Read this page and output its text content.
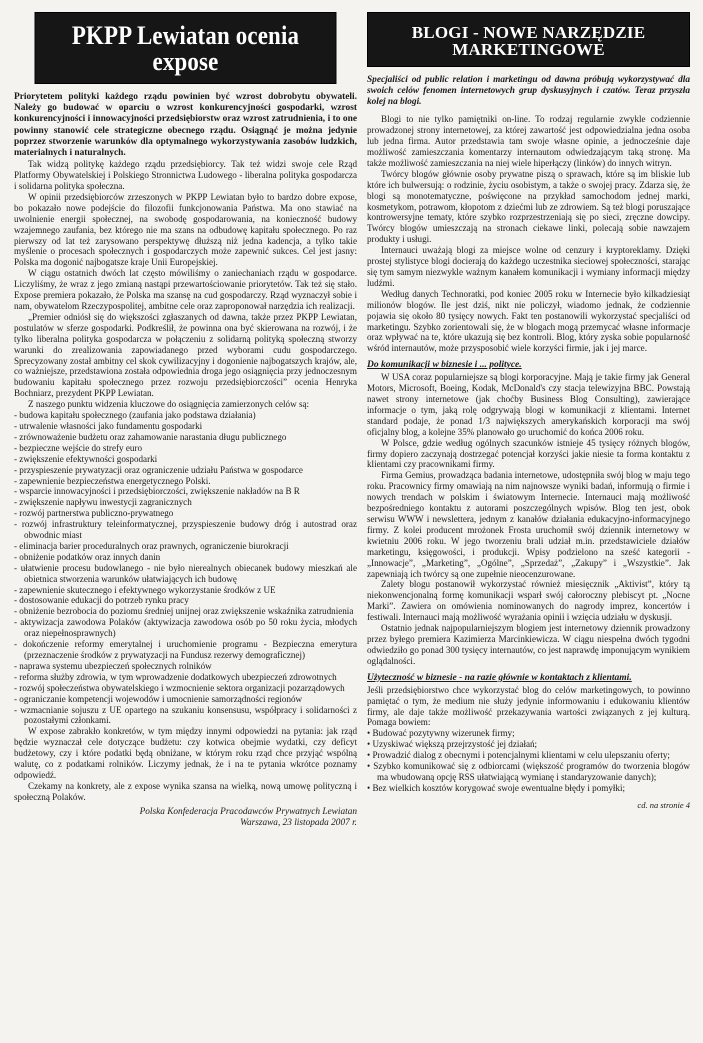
PKPP Lewiatan ocenia expose

Priorytetem polityki każdego rządu powinien być wzrost dobrobytu obywateli. Należy go budować w oparciu o wzrost konkurencyjności gospodarki, wzrost konkurencyjności i innowacyjności przedsiębiorstw oraz wzrost zatrudnienia, i to one powinny stanowić cele strategiczne obecnego rządu. Osiągnąć je można jedynie poprzez stworzenie warunków dla optymalnego wykorzystywania zasobów ludzkich, materialnych i naturalnych.

Tak widzą politykę każdego rządu przedsiębiorcy. Tak też widzi swoje cele Rząd Platformy Obywatelskiej i Polskiego Stronnictwa Ludowego - liberalna polityka gospodarcza i solidarna polityka społeczna.

W opinii przedsiębiorców zrzeszonych w PKPP Lewiatan było to bardzo dobre expose, bo pokazało nowe podejście do filozofii funkcjonowania Państwa. Ma ono stawiać na uwolnienie energii społecznej, na swobodę gospodarowania, na konieczność budowy wzajemnego zaufania, bez którego nie ma szans na odbudowę kapitału społecznego. Po raz pierwszy od lat też zarysowano perspektywę dłuższą niż jedna kadencja, a tylko takie myślenie o procesach społecznych i gospodarczych może zapewnić sukces. Cel jest jasny: Polska ma dogonić najbogatsze kraje Unii Europejskiej.

W ciągu ostatnich dwóch lat często mówiliśmy o zaniechaniach rządu w gospodarce. Liczyliśmy, że wraz z jego zmianą nastąpi przewartościowanie priorytetów. Tak też się stało. Expose premiera pokazało, że Polska ma szansę na cud gospodarczy. Rząd wyznaczył sobie i nam, obywatelom Rzeczypospolitej, ambitne cele oraz zaproponował narzędzia ich realizacji.

„Premier odniósł się do większości zgłaszanych od dawna, także przez PKPP Lewiatan, postulatów w sferze gospodarki. Podkreślił, że powinna ona być skierowana na rozwój, i że tylko liberalna polityka gospodarcza w połączeniu z solidarną polityką społeczną stworzy warunki do zrealizowania zapowiadanego przed wyborami cudu gospodarczego. Sprecyzowany został ambitny cel skok cywilizacyjny i dogonienie najbogatszych krajów, ale, co ważniejsze, przedstawiona została odpowiednia droga jego osiągnięcia przy jednoczesnym budowaniu kapitału społecznego przez rozwoju przedsiębiorczości” ocenia Henryka Bochniarz, prezydent PKPP Lewiatan.

Z naszego punktu widzenia kluczowe do osiągnięcia zamierzonych celów są:

- budowa kapitału społecznego (zaufania jako podstawa działania)
- utrwalenie własności jako fundamentu gospodarki
- zrównoważenie budżetu oraz zahamowanie narastania długu publicznego
- bezpieczne wejście do strefy euro
- zwiększenie efektywności gospodarki
- przyspieszenie prywatyzacji oraz ograniczenie udziału Państwa w gospodarce
- zapewnienie bezpieczeństwa energetycznego Polski.
- wsparcie innowacyjności i przedsiębiorczości, zwiększenie nakładów na B R
- zwiększenie napływu inwestycji zagranicznych
- rozwój partnerstwa publiczno-prywatnego
- rozwój infrastruktury teleinformatycznej, przyspieszenie budowy dróg i autostrad oraz obwodnic miast
- eliminacja barier proceduralnych oraz prawnych, ograniczenie biurokracji
- obniżenie podatków oraz innych danin
- ułatwienie procesu budowlanego - nie było nierealnych obiecanek budowy mieszkań ale obietnica stworzenia warunków ułatwiających ich budowę
- zapewnienie skutecznego i efektywnego wykorzystanie środków z UE
- dostosowanie edukacji do potrzeb rynku pracy
- obniżenie bezrobocia do poziomu średniej unijnej oraz zwiększenie wskaźnika zatrudnienia
- aktywizacja zawodowa Polaków (aktywizacja zawodowa osób po 50 roku życia, młodych oraz niepełnosprawnych)
- dokończenie reformy emerytalnej i uruchomienie programu - Bezpieczna emerytura (przeznaczenie środków z prywatyzacji na Fundusz rezerwy demograficznej)
- naprawa systemu ubezpieczeń społecznych rolników
- reforma służby zdrowia, w tym wprowadzenie dodatkowych ubezpieczeń zdrowotnych
- rozwój społeczeństwa obywatelskiego i wzmocnienie sektora organizacji pozarządowych
- ograniczanie kompetencji wojewodów i umocnienie samorządności regionów
- wzmacnianie sojuszu z UE opartego na szukaniu konsensusu, współpracy i solidarności z pozostałymi członkami.

W expose zabrakło konkretów, w tym między innymi odpowiedzi na pytania: jak rząd będzie wyznaczał cele dotyczące budżetu: czy kotwica obejmie wydatki, czy deficyt budżetowy, czy i które podatki będą obniżane, w którym roku rząd chce przyjąć wspólną walutę, co z podatkami rolników. Liczymy jednak, że i na te pytania wkrótce poznamy odpowiedź.

Czekamy na konkrety, ale z expose wynika szansa na wielką, nową umowę polityczną i społeczną Polaków.

Polska Konfederacja Pracodawców Prywatnych Lewiatan
Warszawa, 23 listopada 2007 r.
BLOGI - NOWE NARZĘDZIE MARKETINGOWE

Specjaliści od public relation i marketingu od dawna próbują wykorzystywać dla swoich celów fenomen internetowych grup dyskusyjnych i czatów. Teraz przyszła kolej na blogi.

Blogi to nie tylko pamiętniki on-line. To rodzaj regularnie zwykle codziennie prowadzonej strony internetowej, za której zawartość jest odpowiedzialna jedna osoba lub jedna firma. Autor przedstawia tam swoje własne opinie, a jednocześnie daje możliwość zamieszczania komentarzy internautom odwiedzającym taką stronę. Ma także możliwość zamieszczania na niej wiele hiperłączy (linków) do innych witryn.

Twórcy blogów głównie osoby prywatne piszą o sprawach, które są im bliskie lub które ich bulwersują: o rodzinie, życiu osobistym, a także o swojej pracy. Zdarza się, że blogi są monotematyczne, poświęcone na przykład samochodom jednej marki, kosmetykom, potrawom, kłopotom z dziećmi lub ze zdrowiem. Są też blogi poruszające kontrowersyjne tematy, które szybko rozprzestrzeniają się po sieci, zręczne dowcipy. Twórcy blogów umieszczają na stronach ciekawe linki, polecają sobie nawzajem produkty i usługi.

Internauci uważają blogi za miejsce wolne od cenzury i kryptoreklamy. Dzięki prostej stylistyce blogi docierają do każdego uczestnika sieciowej społeczności, starając się tym samym niezwykle ważnym kanałem komunikacji i wymiany informacji między ludźmi.

Według danych Technoratki, pod koniec 2005 roku w Internecie było kilkadziesiąt milionów blogów. Ile jest dziś, nikt nie policzył, wiadomo jednak, że codziennie pojawia się około 80 tysięcy nowych. Fakt ten postanowili wykorzystać specjaliści od marketingu. Szybko zorientowali się, że w blogach mogą przemycać własne informacje oraz wpływać na te, które ukazują się bez kontroli. Blog, który zyska sobie popularność wśród internautów, może przysposobić wiele korzyści firmie, jak i jej marce.

Do komunikacji w biznesie i ... polityce.

W USA coraz popularniejsze są blogi korporacyjne. Mają je takie firmy jak General Motors, Microsoft, Boeing, Kodak, McDonald's czy stacja telewizyjna BBC. Powstają nawet strony internetowe (jak choćby Business Blog Consulting), zawierające informacje o tym, jaką rolę odgrywają blogi w komunikacji z klientami. Internet standard podaje, że ponad 1/3 największych amerykańskich korporacji ma swój oficjalny blog, a kolejne 35% planowało go uruchomić do końca 2006 roku.

W Polsce, gdzie według ogólnych szacunków istnieje 45 tysięcy różnych blogów, firmy dopiero zaczynają dostrzegać potencjał korzyści jakie niesie ta forma kontaktu z klientami czy pracownikami firmy.

Firma Gemius, prowadząca badania internetowe, udostępniła swój blog w maju tego roku. Pracownicy firmy omawiają na nim najnowsze wyniki badań, informują o firmie i nowych trendach w polskim i światowym Internecie. Internauci mają możliwość bezpośredniego kontaktu z autorami poszczególnych wpisów. Blog ten jest, obok serwisu WWW i newslettera, jednym z kanałów działania edukacyjno-informacyjnego firmy. Z kolei producent mrożonek Frosta uruchomił swój dziennik internetowy w kwietniu 2006 roku. W jego tworzeniu brali udział m.in. przedstawiciele działów marketingu, księgowości, i produkcji. Wpisy podzielono na sześć kategorii - „Innowacje”, „Marketing”, „Ogólne”, „Sprzedaż”, „Zakupy” i „Wszystkie”. Jak zapewniają ich twórcy są one zupełnie nieocenzurowane.

Zalety blogu postanowił wykorzystać również miesięcznik „Aktivist”, który tą niekonwencjonalną formę komunikacji wsparł swój całoroczny plebiscyt pt. „Nocne Marki”. Zawiera on omówienia nominowanych do nagrody imprez, koncertów i festiwali. Internauci mają możliwość wyrażania opinii i wzięcia udziału w dyskusji.

Ostatnio jednak najpopularniejszym blogiem jest internetowy dziennik prowadzony przez byłego premiera Kazimierza Marcinkiewicza. W ciągu niespełna dwóch tygodni odwiedziło go ponad 300 tysięcy internautów, co jest naprawdę imponującym wynikiem oglądalności.

Użyteczność w biznesie - na razie głównie w kontaktach z klientami.

Jeśli przedsiębiorstwo chce wykorzystać blog do celów marketingowych, to powinno pamiętać o tym, że medium nie służy jedynie informowaniu i edukowaniu klientów firmy, ale daje także możliwość przekazywania wartości związanych z jej kulturą. Pomaga bowiem:

• Budować pozytywny wizerunek firmy;
• Uzyskiwać większą przejrzystość jej działań;
• Prowadzić dialog z obecnymi i potencjalnymi klientami w celu ulepszaniu oferty;
• Szybko komunikować się z odbiorcami (większość programów do tworzenia blogów ma wbudowaną opcję RSS ułatwiającą wymianę i standaryzowanie danych);
• Bez wielkich kosztów korygować swoje ewentualne błędy i pomyłki;
cd. na stronie 4
